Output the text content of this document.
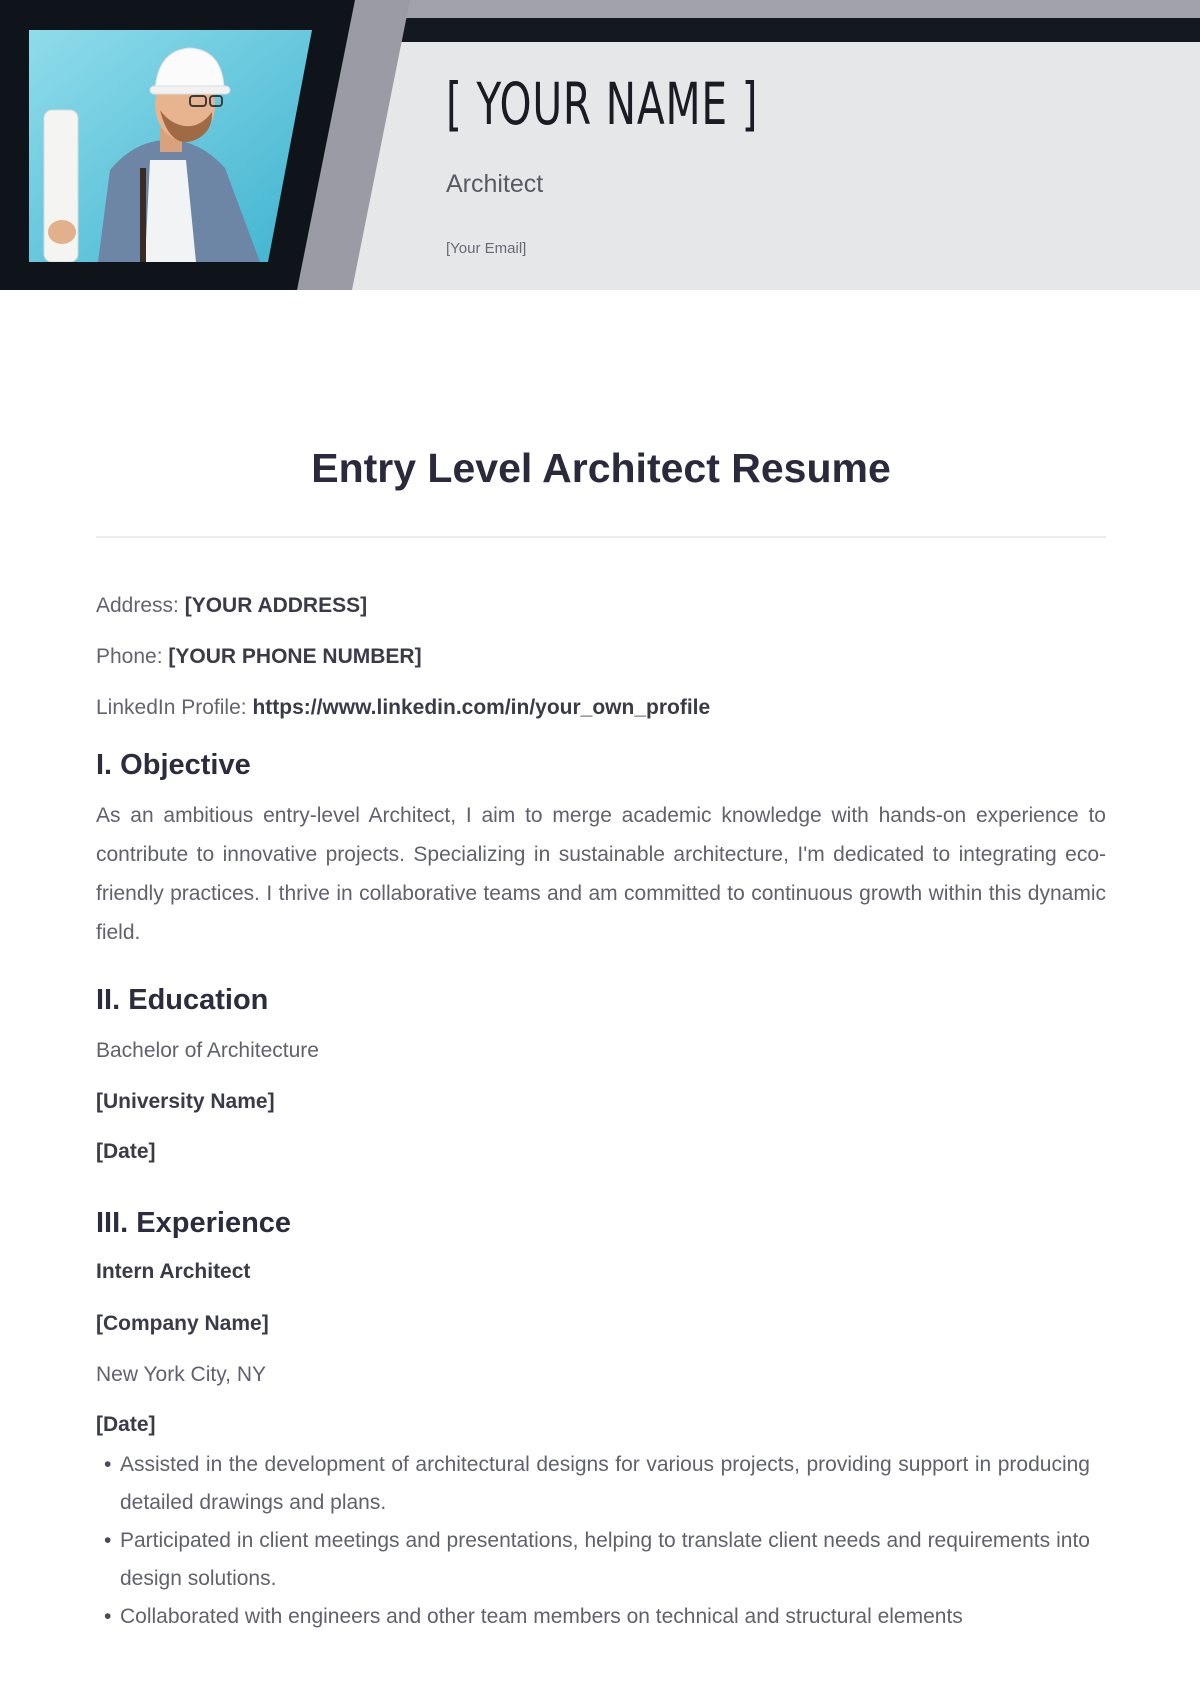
[ YOUR NAME ]
Architect
[Your Email]
Entry Level Architect Resume
Address: [YOUR ADDRESS]
Phone: [YOUR PHONE NUMBER]
LinkedIn Profile: https://www.linkedin.com/in/your_own_profile
I. Objective

As an ambitious entry-level Architect, I aim to merge academic knowledge with hands-on experience to contribute to innovative projects. Specializing in sustainable architecture, I'm dedicated to integrating eco-friendly practices. I thrive in collaborative teams and am committed to continuous growth within this dynamic field.

II. Education
Bachelor of Architecture
[University Name]
[Date]
III. Experience
Intern Architect
[Company Name]
New York City, NY
[Date]
• Assisted in the development of architectural designs for various projects, providing support in producing detailed drawings and plans.
• Participated in client meetings and presentations, helping to translate client needs and requirements into design solutions.
• Collaborated with engineers and other team members on technical and structural elements
